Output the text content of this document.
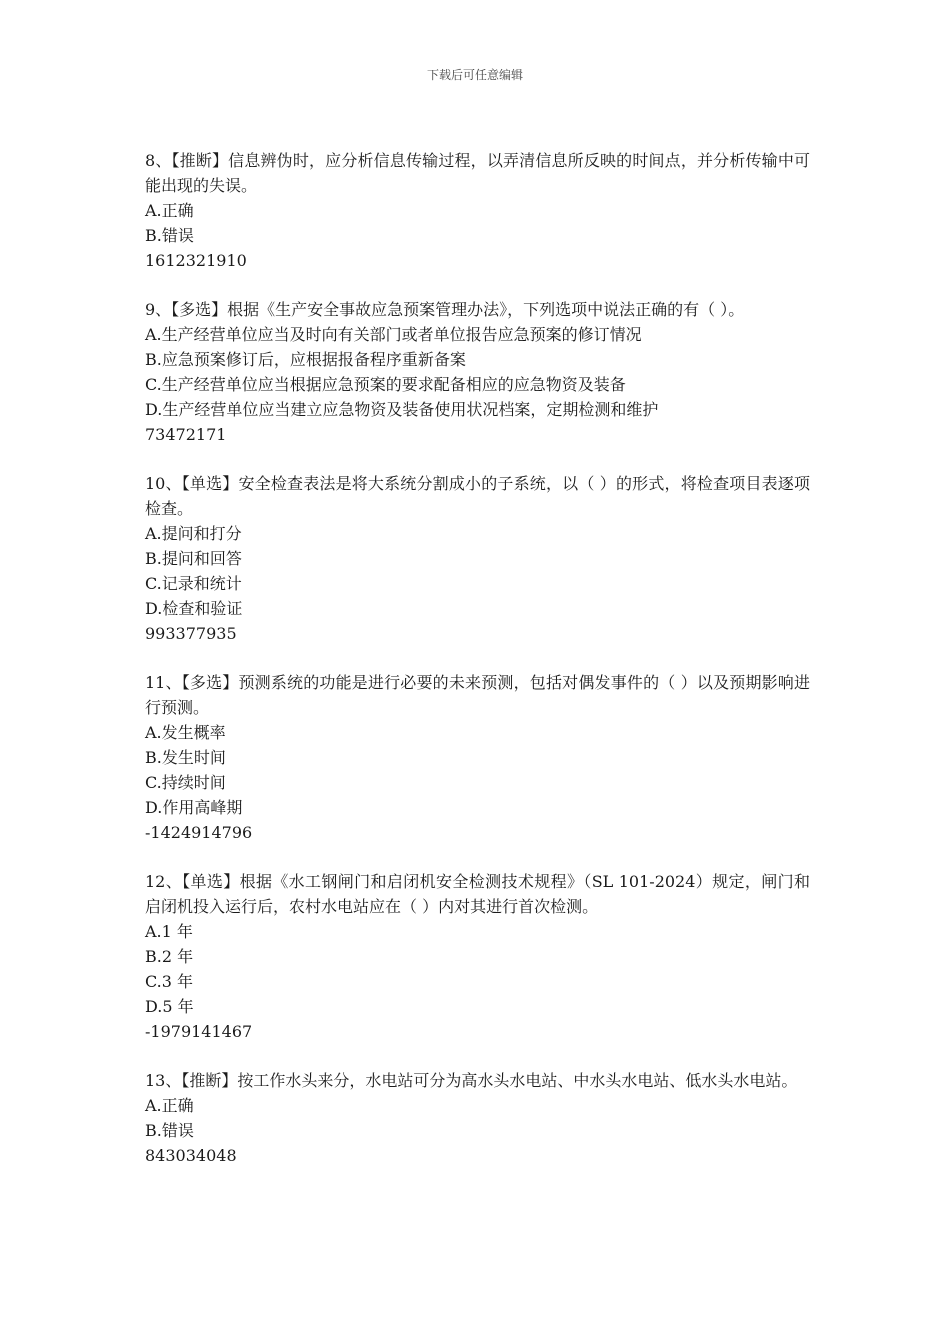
下载后可任意编辑
8、【推断】信息辨伪时，应分析信息传输过程，以弄清信息所反映的时间点，并分析传输中可能出现的失误。
A.正确
B.错误
1612321910
9、【多选】根据《生产安全事故应急预案管理办法》，下列选项中说法正确的有（ ）。
A.生产经营单位应当及时向有关部门或者单位报告应急预案的修订情况
B.应急预案修订后，应根据报备程序重新备案
C.生产经营单位应当根据应急预案的要求配备相应的应急物资及装备
D.生产经营单位应当建立应急物资及装备使用状况档案，定期检测和维护
73472171
10、【单选】安全检查表法是将大系统分割成小的子系统，以（ ）的形式，将检查项目表逐项检查。
A.提问和打分
B.提问和回答
C.记录和统计
D.检查和验证
993377935
11、【多选】预测系统的功能是进行必要的未来预测，包括对偶发事件的（ ）以及预期影响进行预测。
A.发生概率
B.发生时间
C.持续时间
D.作用高峰期
-1424914796
12、【单选】根据《水工钢闸门和启闭机安全检测技术规程》（SL 101-2024）规定，闸门和启闭机投入运行后，农村水电站应在（ ）内对其进行首次检测。
A.1 年
B.2 年
C.3 年
D.5 年
-1979141467
13、【推断】按工作水头来分，水电站可分为高水头水电站、中水头水电站、低水头水电站。
A.正确
B.错误
843034048
